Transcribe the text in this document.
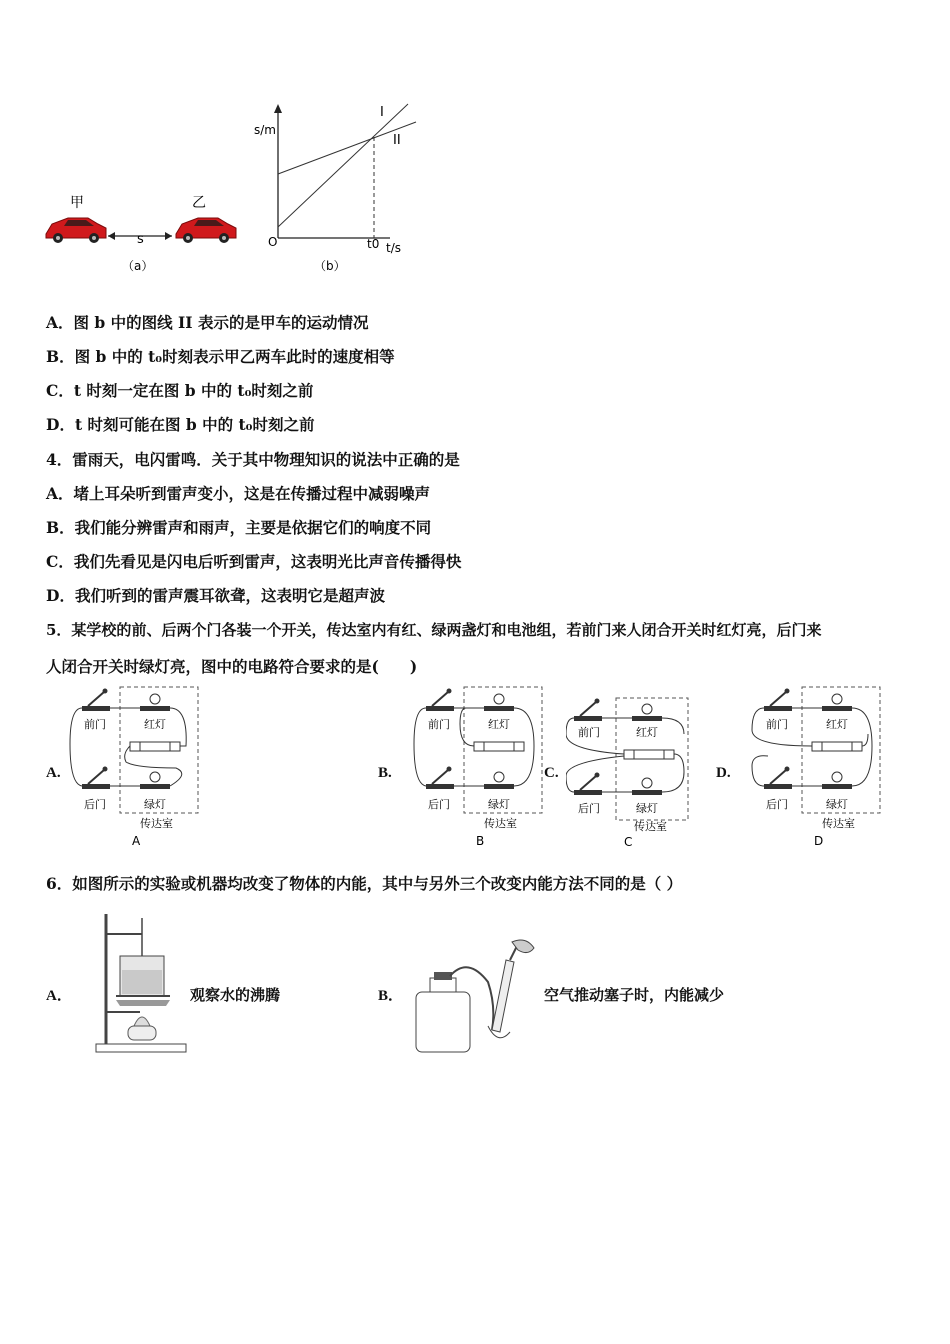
甲	乙
s
（a）
s/m
O	t0 t/s
I
II
（b）
A．图 b 中的图线 II 表示的是甲车的运动情况
B．图 b 中的 t₀时刻表示甲乙两车此时的速度相等
C．t 时刻一定在图 b 中的 t₀时刻之前
D．t 时刻可能在图 b 中的 t₀时刻之前
4．雷雨天，电闪雷鸣．关于其中物理知识的说法中正确的是
A．堵上耳朵听到雷声变小，这是在传播过程中减弱噪声
B．我们能分辨雷声和雨声，主要是依据它们的响度不同
C．我们先看见是闪电后听到雷声，这表明光比声音传播得快
D．我们听到的雷声震耳欲聋，这表明它是超声波
5．某学校的前、后两个门各装一个开关，传达室内有红、绿两盏灯和电池组，若前门来人闭合开关时红灯亮，后门来
人闭合开关时绿灯亮，图中的电路符合要求的是(　　)
A.	B.	C.	D.
前门	红灯
后门	绿灯
传达室
A
前门	红灯
后门	绿灯
传达室
B
前门	红灯
后门	绿灯
传达室
C
前门	红灯
后门	绿灯
传达室
D
6．如图所示的实验或机器均改变了物体的内能，其中与另外三个改变内能方法不同的是（ ）
A．	观察水的沸腾	B．	空气推动塞子时，内能减少
